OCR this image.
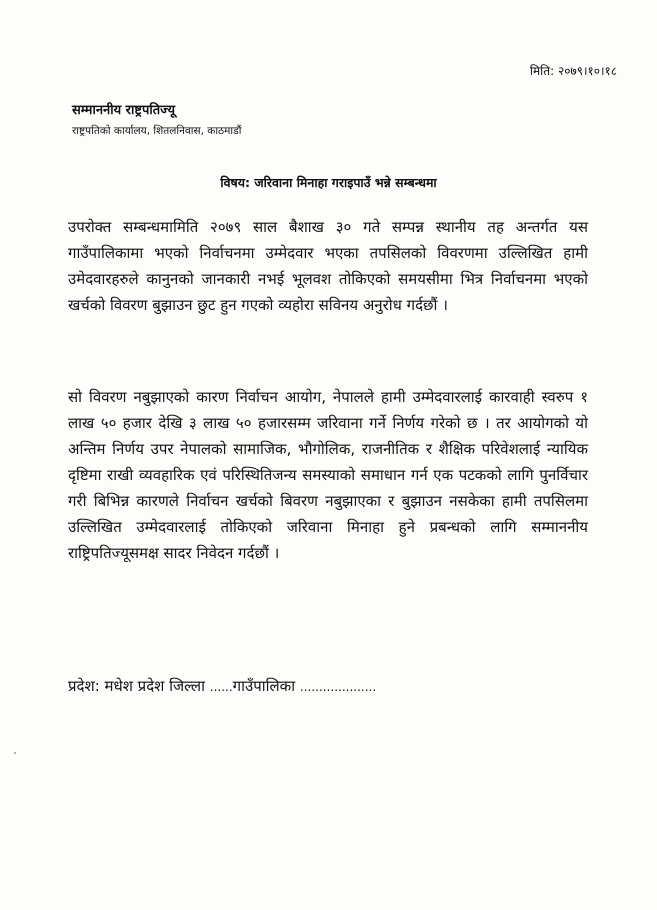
मिति: २०७९।१०।१८
सम्माननीय राष्ट्रपतिज्यू
राष्ट्रपतिको कार्यालय, शितलनिवास, काठमाडौं
विषय: जरिवाना मिनाहा गराइपाउँ भन्ने सम्बन्धमा
उपरोक्त सम्बन्धमामिति २०७९ साल बैशाख ३० गते सम्पन्न स्थानीय तह अन्तर्गत यस गाउँपालिकामा भएको निर्वाचनमा उम्मेदवार भएका तपसिलको विवरणमा उल्लिखित हामी उमेदवारहरुले कानुनको जानकारी नभई भूलवश तोकिएको समयसीमा भित्र निर्वाचनमा भएको खर्चको विवरण बुझाउन छुट हुन गएको व्यहोरा सविनय अनुरोध गर्दछौं ।
सो विवरण नबुझाएको कारण निर्वाचन आयोग, नेपालले हामी उम्मेदवारलाई कारवाही स्वरुप १ लाख ५० हजार देखि ३ लाख ५० हजारसम्म जरिवाना गर्ने निर्णय गरेको छ । तर आयोगको यो अन्तिम निर्णय उपर नेपालको सामाजिक, भौगोलिक, राजनीतिक र शैक्षिक परिवेशलाई न्यायिक दृष्टिमा राखी व्यवहारिक एवं परिस्थितिजन्य समस्याको समाधान गर्न एक पटकको लागि पुनर्विचार गरी बिभिन्न कारणले निर्वाचन खर्चको बिवरण नबुझाएका र बुझाउन नसकेका हामी तपसिलमा उल्लिखित उम्मेदवारलाई तोकिएको जरिवाना मिनाहा हुने प्रबन्धको लागि सम्माननीय राष्ट्रिपतिज्यूसमक्ष सादर निवेदन गर्दछौं ।
प्रदेश: मधेश प्रदेश जिल्ला ......गाउँपालिका ....................
